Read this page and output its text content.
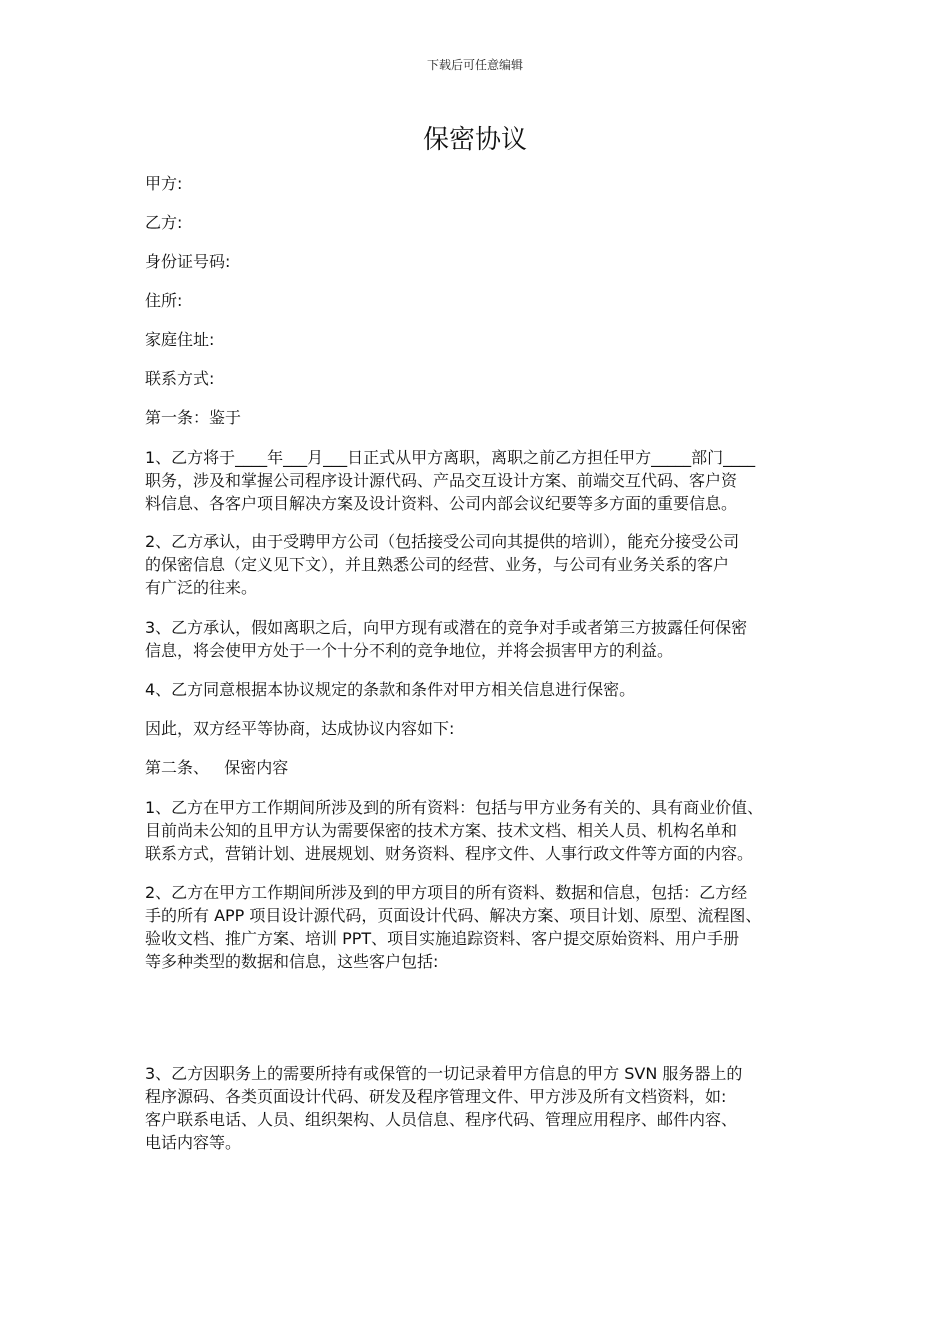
下载后可任意编辑
保密协议

甲方:

乙方:

身份证号码:

住所:

家庭住址:

联系方式:

第一条：鉴于

1、乙方将于____年___月___日正式从甲方离职，离职之前乙方担任甲方_____部门____

职务，涉及和掌握公司程序设计源代码、产品交互设计方案、前端交互代码、客户资

料信息、各客户项目解决方案及设计资料、公司内部会议纪要等多方面的重要信息。

2、乙方承认，由于受聘甲方公司（包括接受公司向其提供的培训），能充分接受公司

的保密信息（定义见下文），并且熟悉公司的经营、业务，与公司有业务关系的客户

有广泛的往来。

3、乙方承认，假如离职之后，向甲方现有或潜在的竞争对手或者第三方披露任何保密

信息，将会使甲方处于一个十分不利的竞争地位，并将会损害甲方的利益。

4、乙方同意根据本协议规定的条款和条件对甲方相关信息进行保密。

因此，双方经平等协商，达成协议内容如下:

第二条、   保密内容

1、乙方在甲方工作期间所涉及到的所有资料：包括与甲方业务有关的、具有商业价值、

目前尚未公知的且甲方认为需要保密的技术方案、技术文档、相关人员、机构名单和

联系方式，营销计划、进展规划、财务资料、程序文件、人事行政文件等方面的内容。

2、乙方在甲方工作期间所涉及到的甲方项目的所有资料、数据和信息，包括：乙方经

手的所有 APP 项目设计源代码，页面设计代码、解决方案、项目计划、原型、流程图、

验收文档、推广方案、培训 PPT、项目实施追踪资料、客户提交原始资料、用户手册

等多种类型的数据和信息，这些客户包括:

3、乙方因职务上的需要所持有或保管的一切记录着甲方信息的甲方 SVN 服务器上的

程序源码、各类页面设计代码、研发及程序管理文件、甲方涉及所有文档资料，如:

客户联系电话、人员、组织架构、人员信息、程序代码、管理应用程序、邮件内容、

电话内容等。
